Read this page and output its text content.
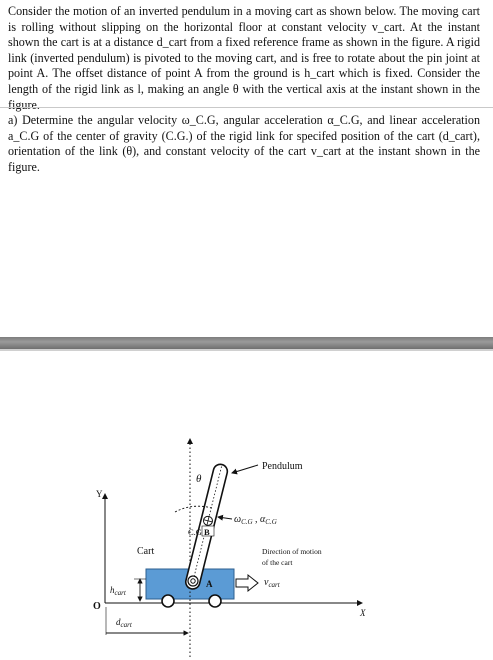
Consider the motion of an inverted pendulum in a moving cart as shown below. The moving cart is rolling without slipping on the horizontal floor at constant velocity v_cart. At the instant shown the cart is at a distance d_cart from a fixed reference frame as shown in the figure. A rigid link (inverted pendulum) is pivoted to the moving cart, and is free to rotate about the pin joint at point A. The offset distance of point A from the ground is h_cart which is fixed. Consider the length of the rigid link as l, making an angle θ with the vertical axis at the instant shown in the figure.

a) Determine the angular velocity ω_C.G, angular acceleration α_C.G, and linear acceleration a_C.G of the center of gravity (C.G.) of the rigid link for specifed position of the cart (d_cart), orientation of the link (θ), and constant velocity of the cart v_cart at the instant shown in the figure.

Y
X
O
Cart
A
C.G B
θ
Pendulum
$\omega_{C.G}$ , $\alpha_{C.G}$
Direction of motion
of the cart
$v_{cart}$
$h_{cart}$
$d_{cart}$
